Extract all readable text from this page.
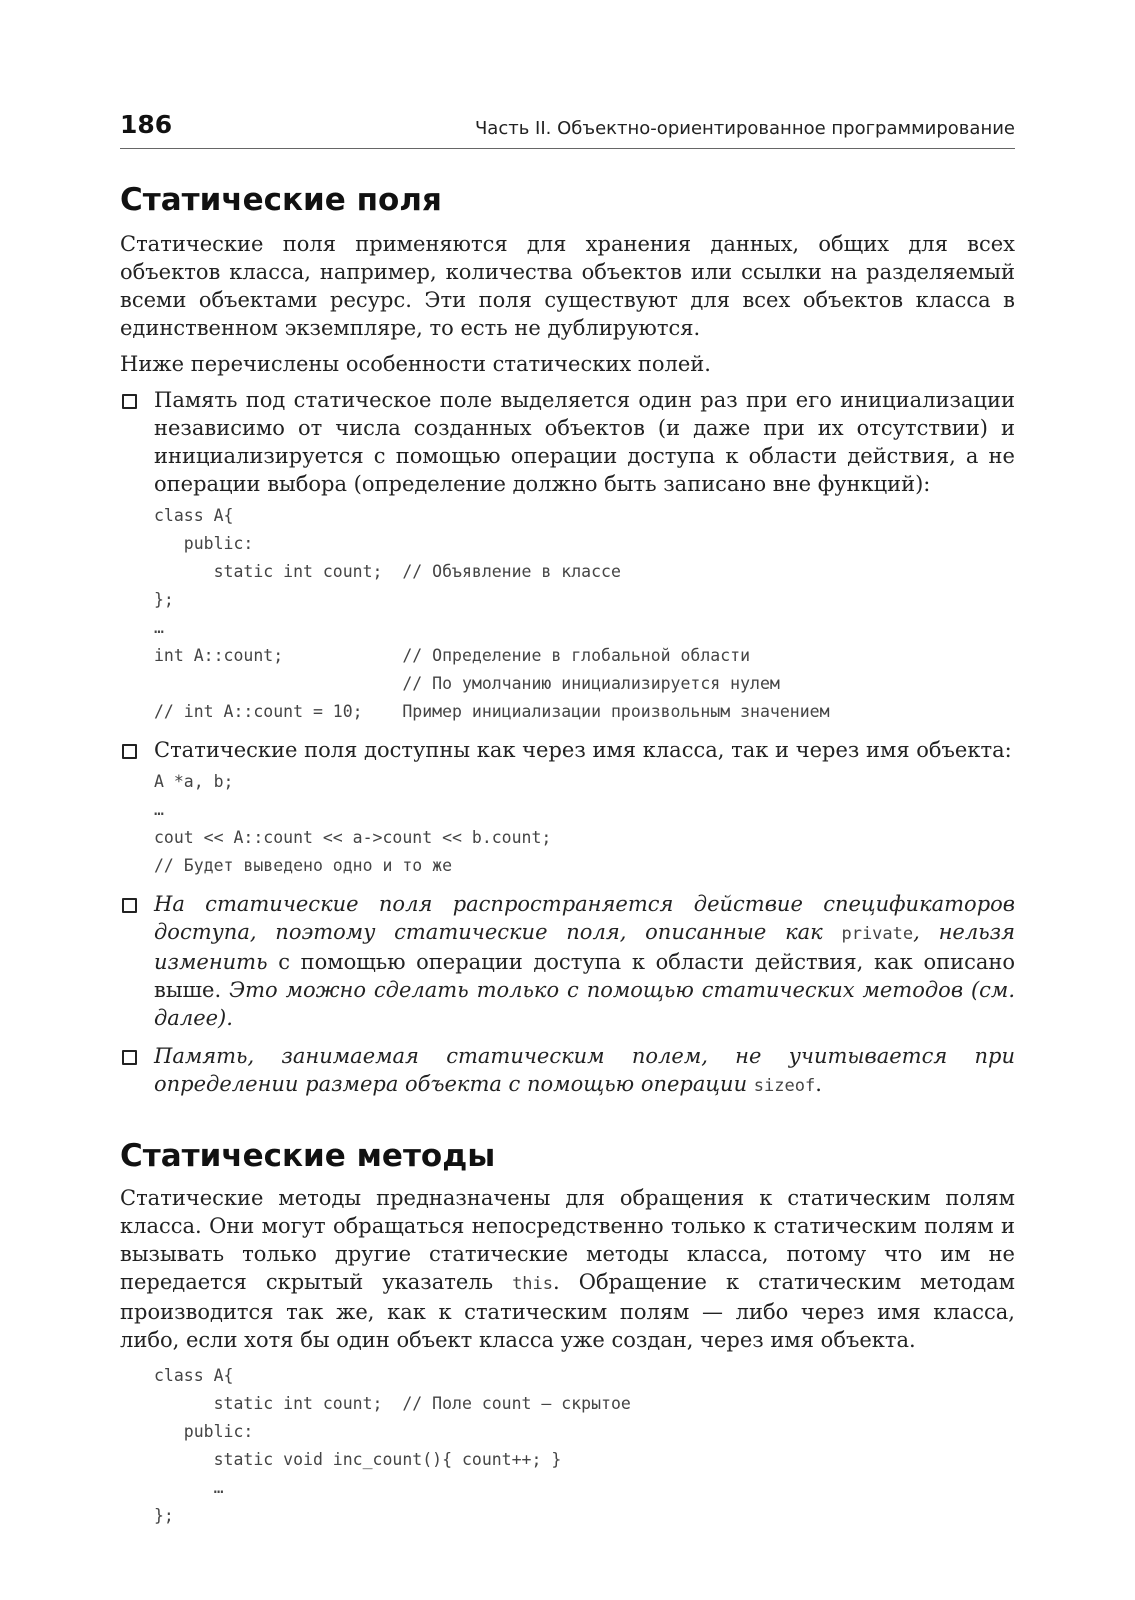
186	Часть II. Объектно-ориентированное программирование
Статические поля

Статические поля применяются для хранения данных, общих для всех объектов класса, например, количества объектов или ссылки на разделяемый всеми объектами ресурс. Эти поля существуют для всех объектов класса в единственном экземпляре, то есть не дублируются.

Ниже перечислены особенности статических полей.

Память под статическое поле выделяется один раз при его инициализации независимо от числа созданных объектов (и даже при их отсутствии) и инициализируется с помощью операции доступа к области действия, а не операции выбора (определение должно быть записано вне функций):

class A{
public:
static int count;  // Объявление в классе
};
…
int A::count;            // Определение в глобальной области
// По умолчанию инициализируется нулем
// int A::count = 10;    Пример инициализации произвольным значением

Статические поля доступны как через имя класса, так и через имя объекта:

A *a, b;
…
cout << A::count << a->count << b.count;
// Будет выведено одно и то же

На статические поля распространяется действие спецификаторов доступа, поэтому статические поля, описанные как private, нельзя изменить с помощью операции доступа к области действия, как описано выше. Это можно сделать только с помощью статических методов (см. далее).

Память, занимаемая статическим полем, не учитывается при определении размера объекта с помощью операции sizeof.

Статические методы

Статические методы предназначены для обращения к статическим полям класса. Они могут обращаться непосредственно только к статическим полям и вызывать только другие статические методы класса, потому что им не передается скрытый указатель this. Обращение к статическим методам производится так же, как к статическим полям — либо через имя класса, либо, если хотя бы один объект класса уже создан, через имя объекта.

class A{
static int count;  // Поле count – скрытое
public:
static void inc_count(){ count++; }
…
};
